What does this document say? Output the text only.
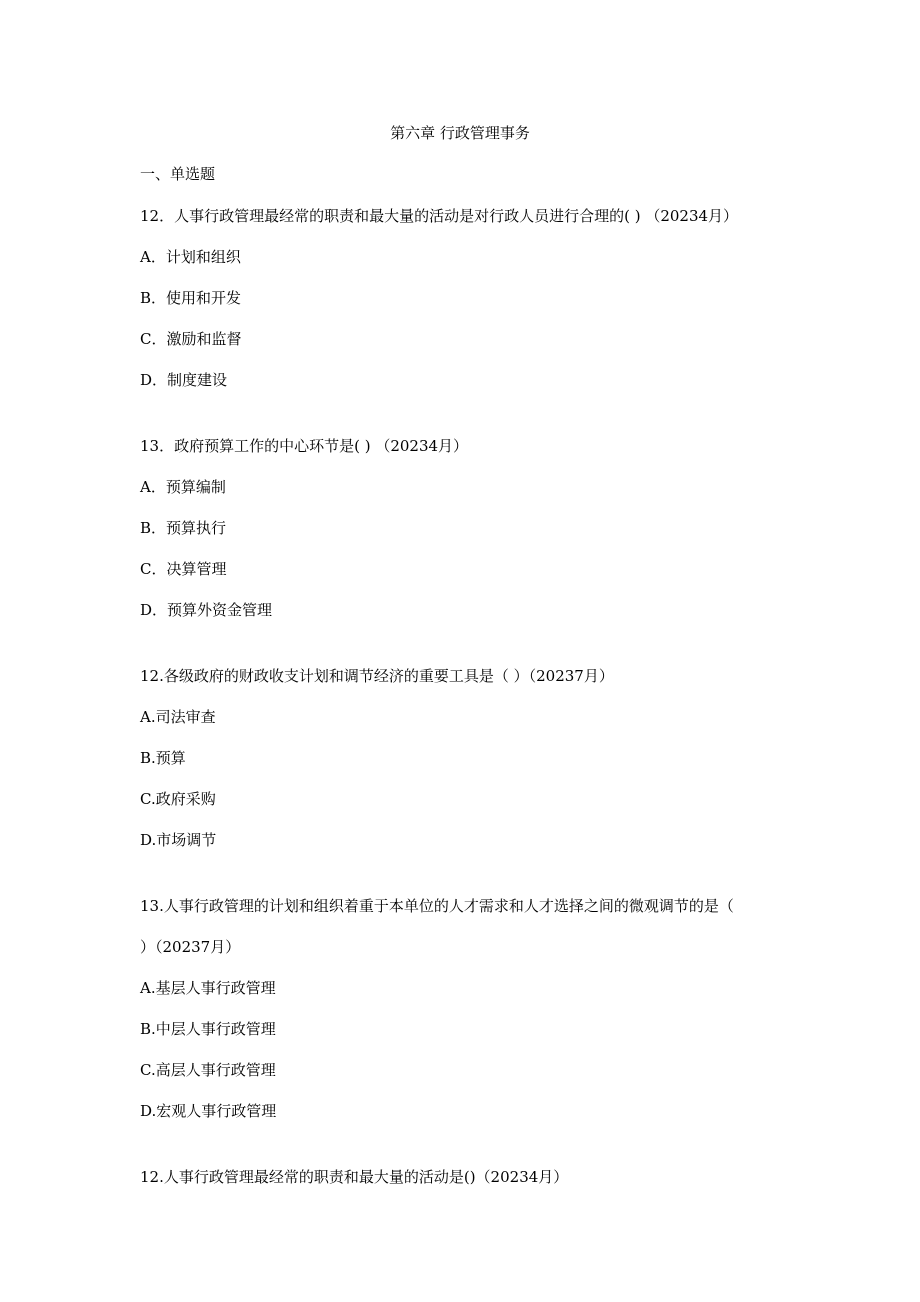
第六章 行政管理事务
一、单选题
12．人事行政管理最经常的职责和最大量的活动是对行政人员进行合理的( ) （20234月）
A．计划和组织
B．使用和开发
C．激励和监督
D．制度建设
13．政府预算工作的中心环节是( ) （20234月）
A．预算编制
B．预算执行
C．决算管理
D．预算外资金管理
12.各级政府的财政收支计划和调节经济的重要工具是（ ）（20237月）
A.司法审查
B.预算
C.政府采购
D.市场调节
13.人事行政管理的计划和组织着重于本单位的人才需求和人才选择之间的微观调节的是（
）（20237月）
A.基层人事行政管理
B.中层人事行政管理
C.高层人事行政管理
D.宏观人事行政管理
12.人事行政管理最经常的职责和最大量的活动是()（20234月）
